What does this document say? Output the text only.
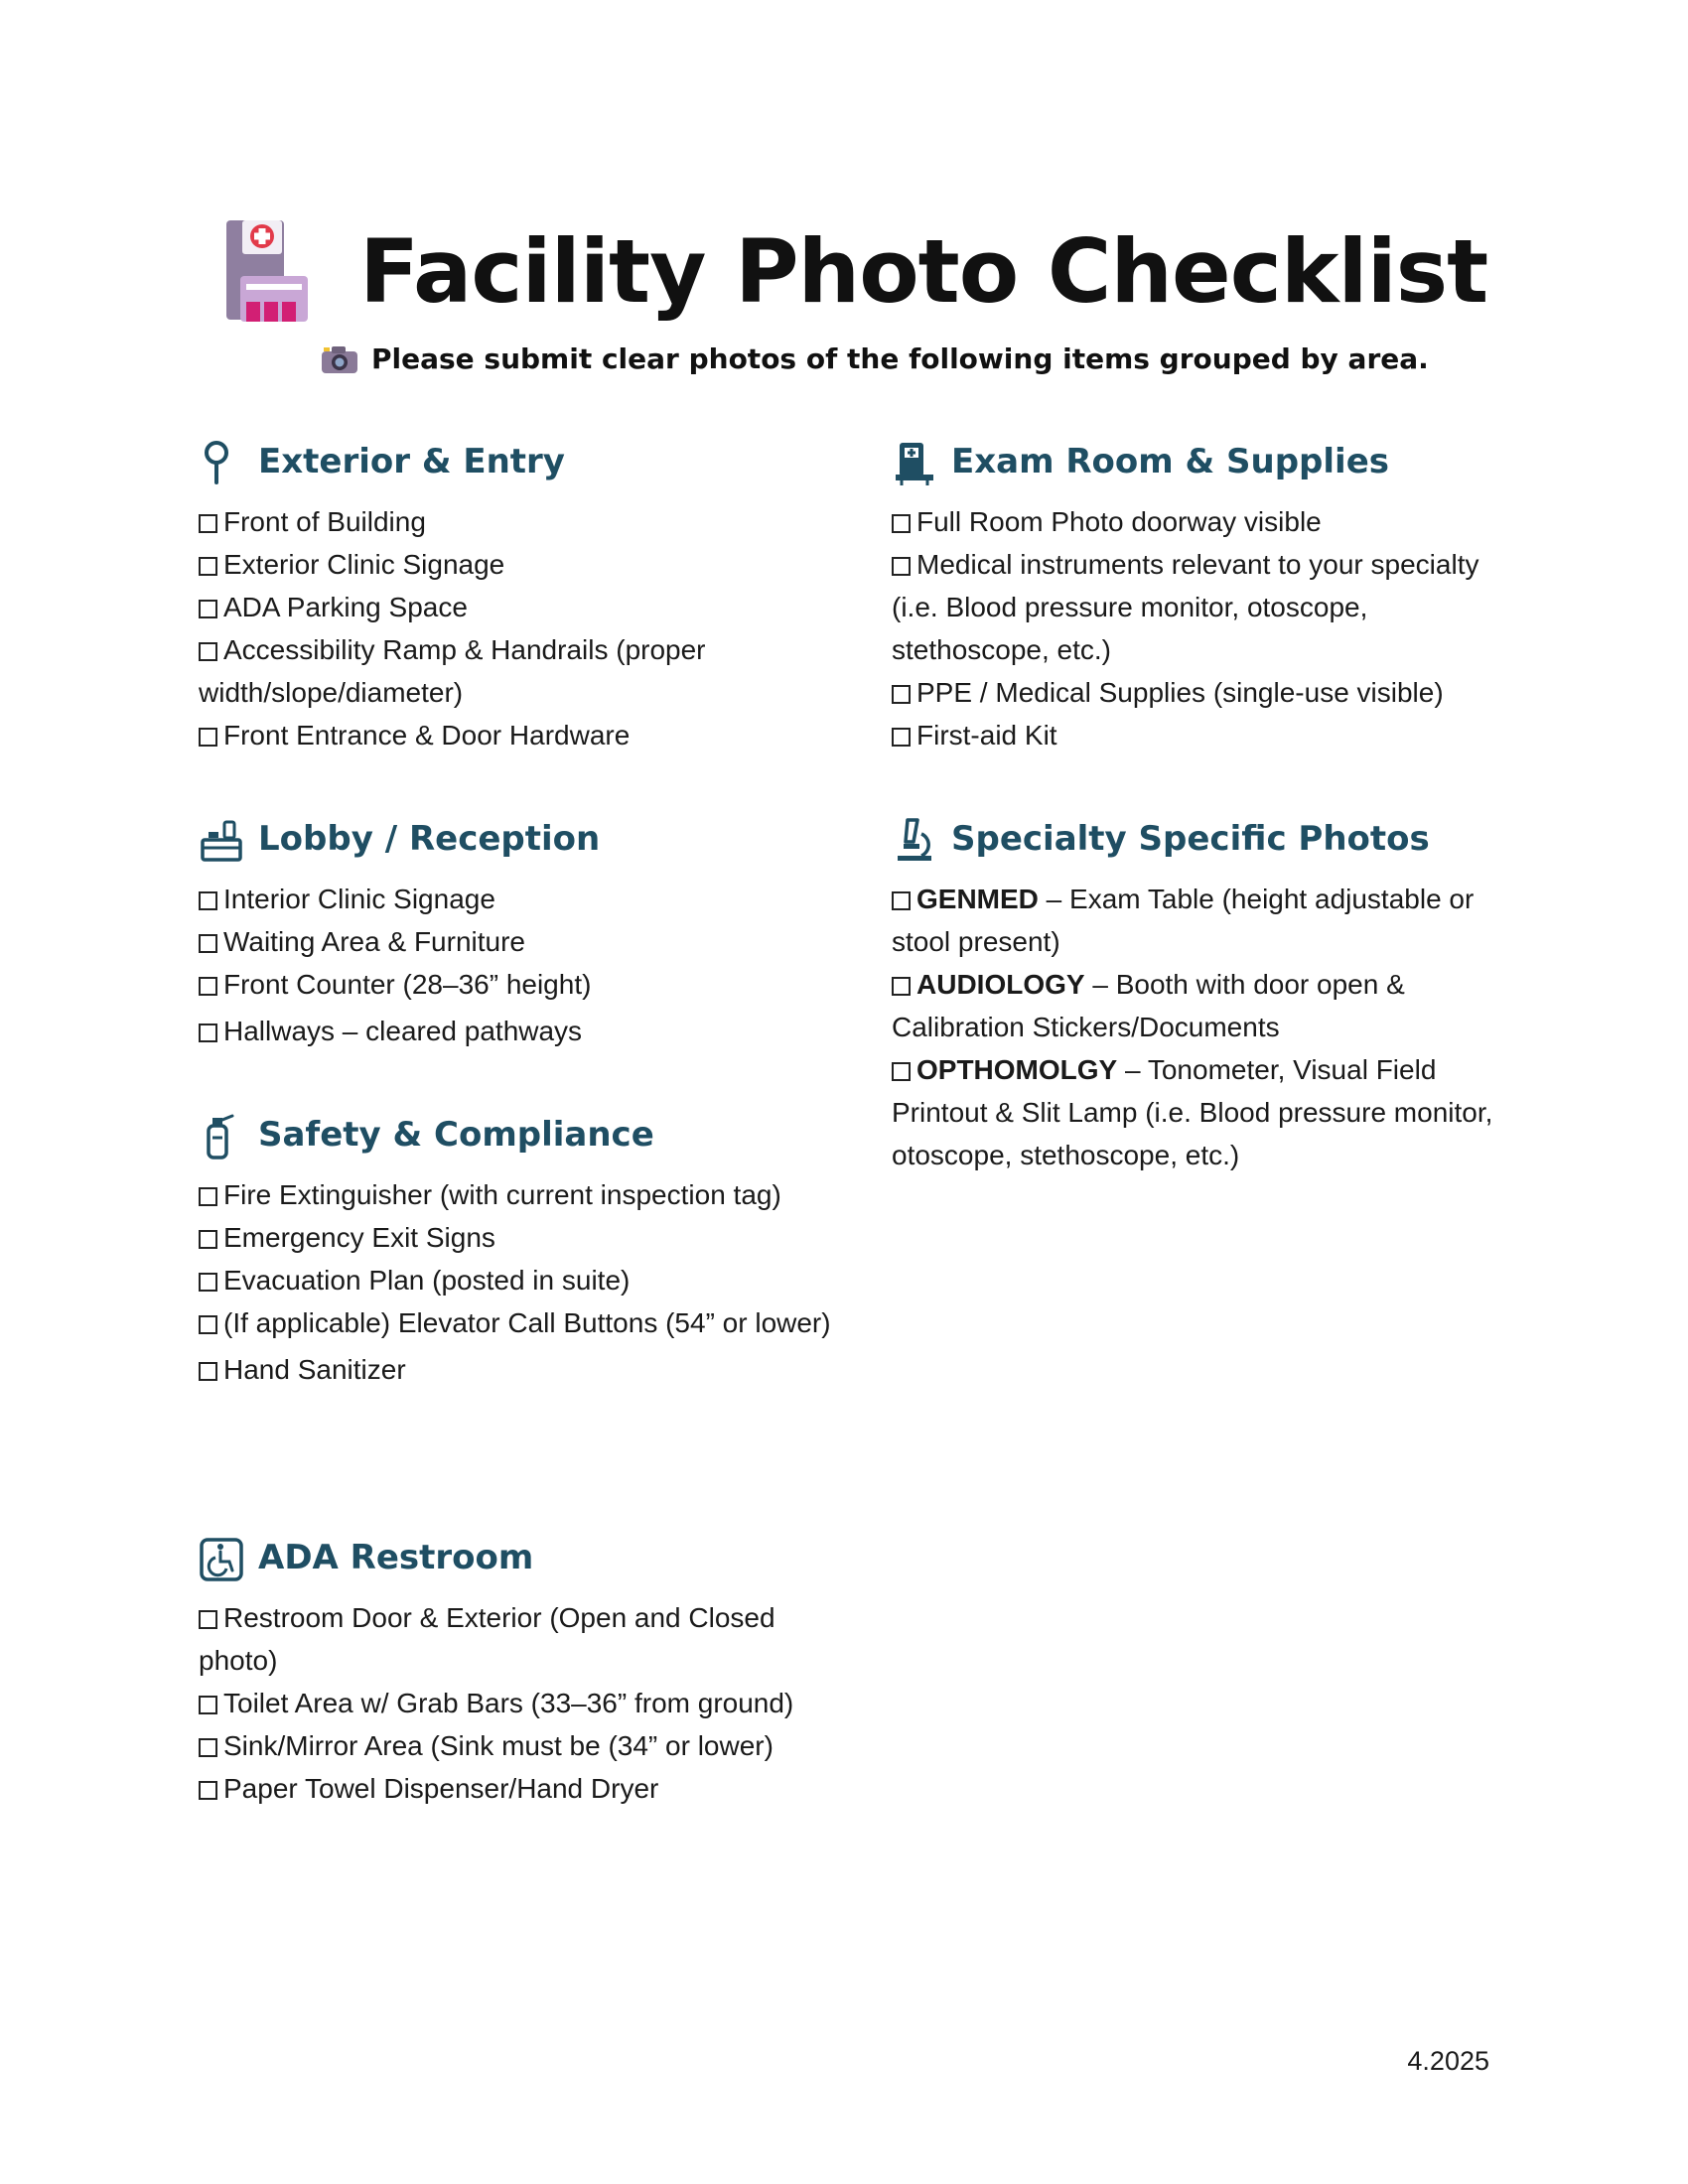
Facility Photo Checklist
Please submit clear photos of the following items grouped by area.
Exterior & Entry
Front of Building
Exterior Clinic Signage
ADA Parking Space
Accessibility Ramp & Handrails (proper width/slope/diameter)
Front Entrance & Door Hardware
Lobby / Reception
Interior Clinic Signage
Waiting Area & Furniture
Front Counter (28–36” height)
Hallways – cleared pathways
Safety & Compliance
Fire Extinguisher (with current inspection tag)
Emergency Exit Signs
Evacuation Plan (posted in suite)
(If applicable) Elevator Call Buttons (54” or lower)
Hand Sanitizer
ADA Restroom
Restroom Door & Exterior (Open and Closed photo)
Toilet Area w/ Grab Bars (33–36” from ground)
Sink/Mirror Area (Sink must be (34” or lower)
Paper Towel Dispenser/Hand Dryer
Exam Room & Supplies
Full Room Photo doorway visible
Medical instruments relevant to your specialty (i.e. Blood pressure monitor, otoscope, stethoscope, etc.)
PPE / Medical Supplies (single-use visible)
First-aid Kit
Specialty Specific Photos
GENMED – Exam Table (height adjustable or stool present)
AUDIOLOGY – Booth with door open & Calibration Stickers/Documents
OPTHOMOLGY – Tonometer, Visual Field Printout & Slit Lamp (i.e. Blood pressure monitor, otoscope, stethoscope, etc.)
4.2025
